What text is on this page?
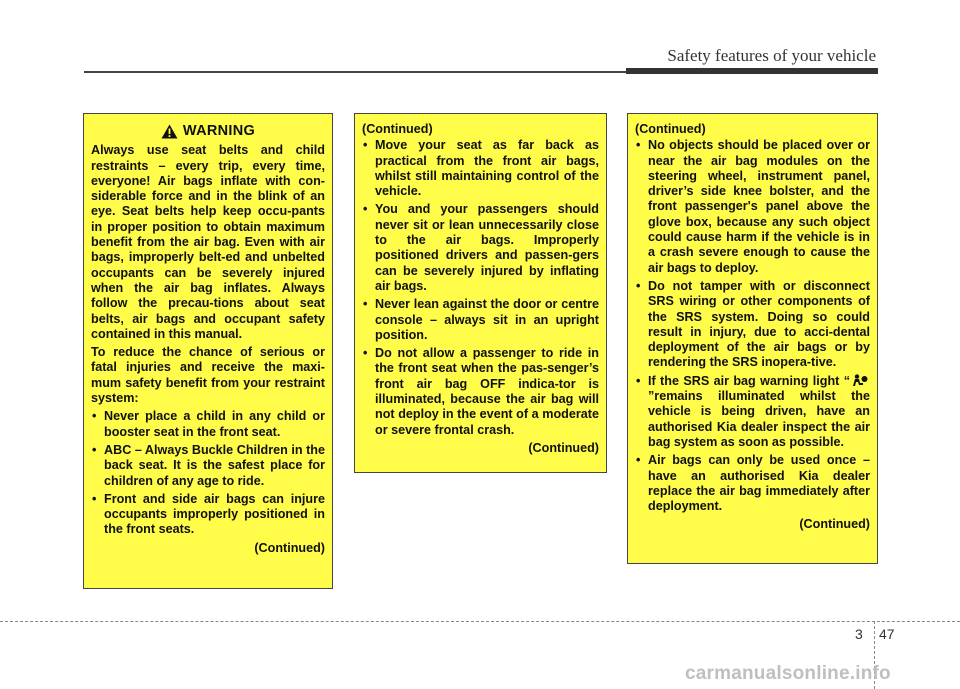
Safety features of your vehicle
WARNING
Always use seat belts and child restraints – every trip, every time, everyone! Air bags inflate with con-siderable force and in the blink of an eye. Seat belts help keep occu-pants in proper position to obtain maximum benefit from the air bag. Even with air bags, improperly belt-ed and unbelted occupants can be severely injured when the air bag inflates. Always follow the precau-tions about seat belts, air bags and occupant safety contained in this manual.
To reduce the chance of serious or fatal injuries and receive the maxi-mum safety benefit from your restraint system:
• Never place a child in any child or booster seat in the front seat.
• ABC – Always Buckle Children in the back seat. It is the safest place for children of any age to ride.
• Front and side air bags can injure occupants improperly positioned in the front seats.
(Continued)
(Continued)
• Move your seat as far back as practical from the front air bags, whilst still maintaining control of the vehicle.
• You and your passengers should never sit or lean unnecessarily close to the air bags. Improperly positioned drivers and passen-gers can be severely injured by inflating air bags.
• Never lean against the door or centre console – always sit in an upright position.
• Do not allow a passenger to ride in the front seat when the pas-senger’s front air bag OFF indica-tor is illuminated, because the air bag will not deploy in the event of a moderate or severe frontal crash.
(Continued)
(Continued)
• No objects should be placed over or near the air bag modules on the steering wheel, instrument panel, driver’s side knee bolster, and the front passenger's panel above the glove box, because any such object could cause harm if the vehicle is in a crash severe enough to cause the air bags to deploy.
• Do not tamper with or disconnect SRS wiring or other components of the SRS system. Doing so could result in injury, due to acci-dental deployment of the air bags or by rendering the SRS inopera-tive.
• If the SRS air bag warning light “”remains illuminated whilst the vehicle is being driven, have an authorised Kia dealer inspect the air bag system as soon as possible.
• Air bags can only be used once – have an authorised Kia dealer replace the air bag immediately after deployment.
(Continued)
3 47
carmanualsonline.info
